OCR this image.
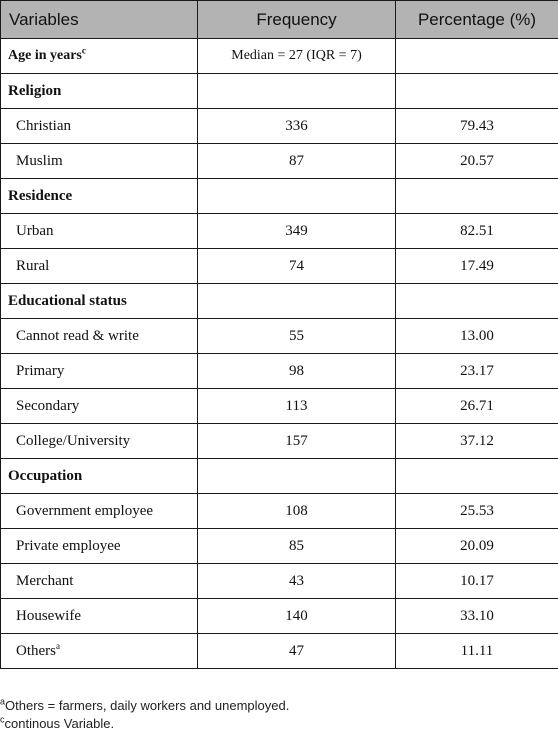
Variables	Frequency	Percentage (%)
Age in years$^c$	Median = 27 (IQR = 7)	
Religion		
Christian	336	79.43
Muslim	87	20.57
Residence		
Urban	349	82.51
Rural	74	17.49
Educational status		
Cannot read & write	55	13.00
Primary	98	23.17
Secondary	113	26.71
College/University	157	37.12
Occupation		
Government employee	108	25.53
Private employee	85	20.09
Merchant	43	10.17
Housewife	140	33.10
Others$^a$	47	11.11
$^a$Others = farmers, daily workers and unemployed.
$^c$continous Variable.
